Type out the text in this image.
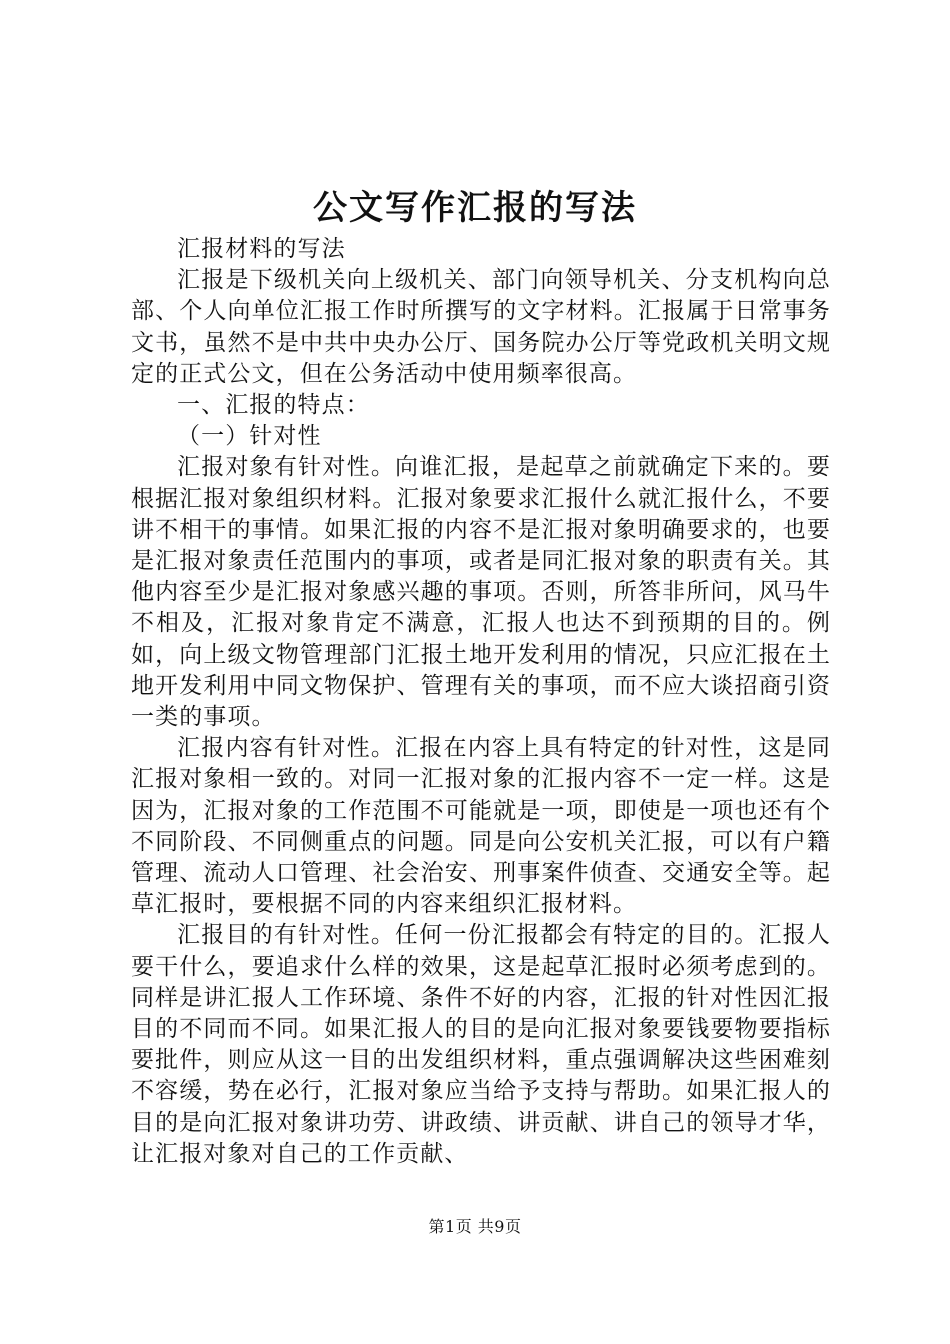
公文写作汇报的写法

汇报材料的写法

汇报是下级机关向上级机关、部门向领导机关、分支机构向总部、个人向单位汇报工作时所撰写的文字材料。汇报属于日常事务文书，虽然不是中共中央办公厅、国务院办公厅等党政机关明文规定的正式公文，但在公务活动中使用频率很高。

一、汇报的特点：

（一）针对性

汇报对象有针对性。向谁汇报，是起草之前就确定下来的。要根据汇报对象组织材料。汇报对象要求汇报什么就汇报什么，不要讲不相干的事情。如果汇报的内容不是汇报对象明确要求的，也要是汇报对象责任范围内的事项，或者是同汇报对象的职责有关。其他内容至少是汇报对象感兴趣的事项。否则，所答非所问，风马牛不相及，汇报对象肯定不满意，汇报人也达不到预期的目的。例如，向上级文物管理部门汇报土地开发利用的情况，只应汇报在土地开发利用中同文物保护、管理有关的事项，而不应大谈招商引资一类的事项。

汇报内容有针对性。汇报在内容上具有特定的针对性，这是同汇报对象相一致的。对同一汇报对象的汇报内容不一定一样。这是因为，汇报对象的工作范围不可能就是一项，即使是一项也还有个不同阶段、不同侧重点的问题。同是向公安机关汇报，可以有户籍管理、流动人口管理、社会治安、刑事案件侦查、交通安全等。起草汇报时，要根据不同的内容来组织汇报材料。

汇报目的有针对性。任何一份汇报都会有特定的目的。汇报人要干什么，要追求什么样的效果，这是起草汇报时必须考虑到的。同样是讲汇报人工作环境、条件不好的内容，汇报的针对性因汇报目的不同而不同。如果汇报人的目的是向汇报对象要钱要物要指标要批件，则应从这一目的出发组织材料，重点强调解决这些困难刻不容缓，势在必行，汇报对象应当给予支持与帮助。如果汇报人的目的是向汇报对象讲功劳、讲政绩、讲贡献、讲自己的领导才华，让汇报对象对自己的工作贡献、

第1页 共9页
